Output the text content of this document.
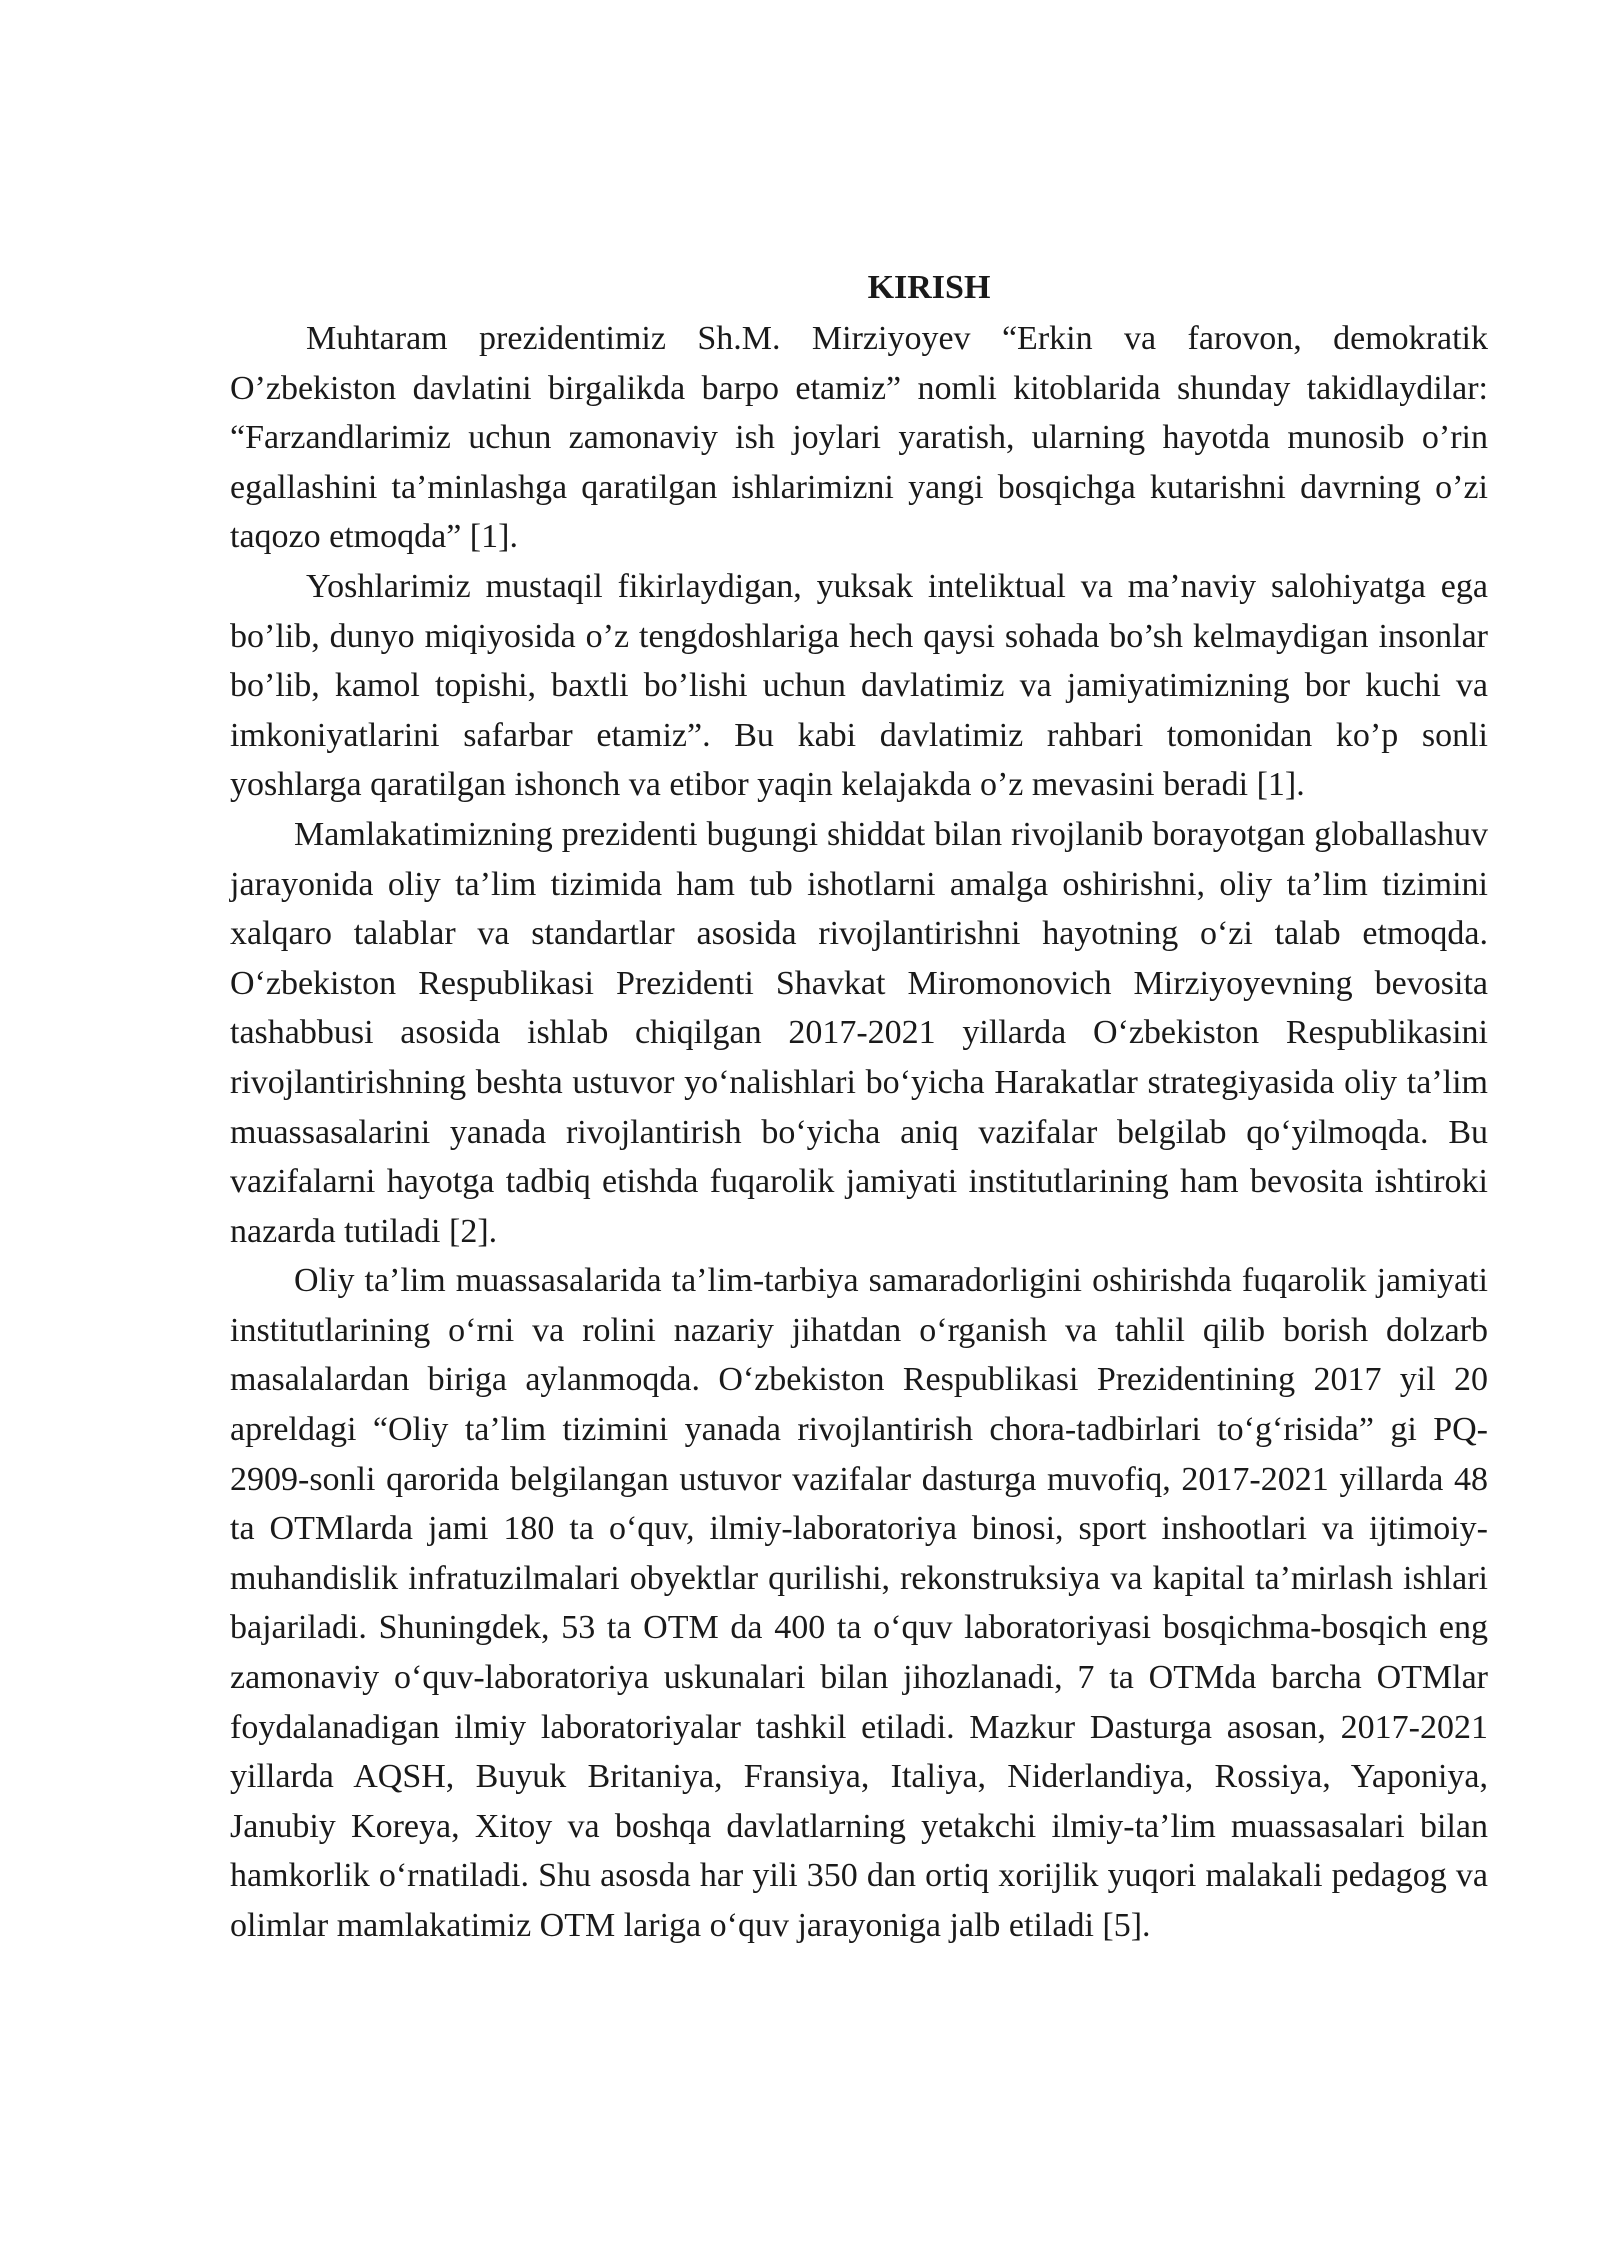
KIRISH

Muhtaram prezidentimiz Sh.M. Mirziyoyev “Erkin va farovon, demokratik O’zbekiston davlatini birgalikda barpo etamiz” nomli kitoblarida shunday takidlaydilar: “Farzandlarimiz uchun zamonaviy ish joylari yaratish, ularning hayotda munosib o’rin egallashini ta’minlashga qaratilgan ishlarimizni yangi bosqichga kutarishni davrning o’zi taqozo etmoqda” [1].

Yoshlarimiz mustaqil fikirlaydigan, yuksak inteliktual va ma’naviy salohiyatga ega bo’lib, dunyo miqiyosida o’z tengdoshlariga hech qaysi sohada bo’sh kelmaydigan insonlar bo’lib, kamol topishi, baxtli bo’lishi uchun davlatimiz va jamiyatimizning bor kuchi va imkoniyatlarini safarbar etamiz”. Bu kabi davlatimiz rahbari tomonidan ko’p sonli yoshlarga qaratilgan ishonch va etibor yaqin kelajakda o’z mevasini beradi [1].

Mamlakatimizning prezidenti bugungi shiddat bilan rivojlanib borayotgan globallashuv jarayonida oliy ta’lim tizimida ham tub ishotlarni amalga oshirishni, oliy ta’lim tizimini xalqaro talablar va standartlar asosida rivojlantirishni hayotning oʻzi talab etmoqda. Oʻzbekiston Respublikasi Prezidenti Shavkat Miromonovich Mirziyoyevning bevosita tashabbusi asosida ishlab chiqilgan 2017-2021 yillarda Oʻzbekiston Respublikasini rivojlantirishning beshta ustuvor yoʻnalishlari boʻyicha Harakatlar strategiyasida oliy ta’lim muassasalarini yanada rivojlantirish boʻyicha aniq vazifalar belgilab qoʻyilmoqda. Bu vazifalarni hayotga tadbiq etishda fuqarolik jamiyati institutlarining ham bevosita ishtiroki nazarda tutiladi [2].

Oliy ta’lim muassasalarida ta’lim-tarbiya samaradorligini oshirishda fuqarolik jamiyati institutlarining oʻrni va rolini nazariy jihatdan oʻrganish va tahlil qilib borish dolzarb masalalardan biriga aylanmoqda. Oʻzbekiston Respublikasi Prezidentining 2017 yil 20 apreldagi “Oliy ta’lim tizimini yanada rivojlantirish chora-tadbirlari toʻgʻrisida” gi PQ-2909-sonli qarorida belgilangan ustuvor vazifalar dasturga muvofiq, 2017-2021 yillarda 48 ta OTMlarda jami 180 ta oʻquv, ilmiy-laboratoriya binosi, sport inshootlari va ijtimoiy-muhandislik infratuzilmalari obyektlar qurilishi, rekonstruksiya va kapital ta’mirlash ishlari bajariladi. Shuningdek, 53 ta OTM da 400 ta oʻquv laboratoriyasi bosqichma-bosqich eng zamonaviy oʻquv-laboratoriya uskunalari bilan jihozlanadi, 7 ta OTMda barcha OTMlar foydalanadigan ilmiy laboratoriyalar tashkil etiladi. Mazkur Dasturga asosan, 2017-2021 yillarda AQSH, Buyuk Britaniya, Fransiya, Italiya, Niderlandiya, Rossiya, Yaponiya, Janubiy Koreya, Xitoy va boshqa davlatlarning yetakchi ilmiy-ta’lim muassasalari bilan hamkorlik oʻrnatiladi. Shu asosda har yili 350 dan ortiq xorijlik yuqori malakali pedagog va olimlar mamlakatimiz OTM lariga oʻquv jarayoniga jalb etiladi [5].
